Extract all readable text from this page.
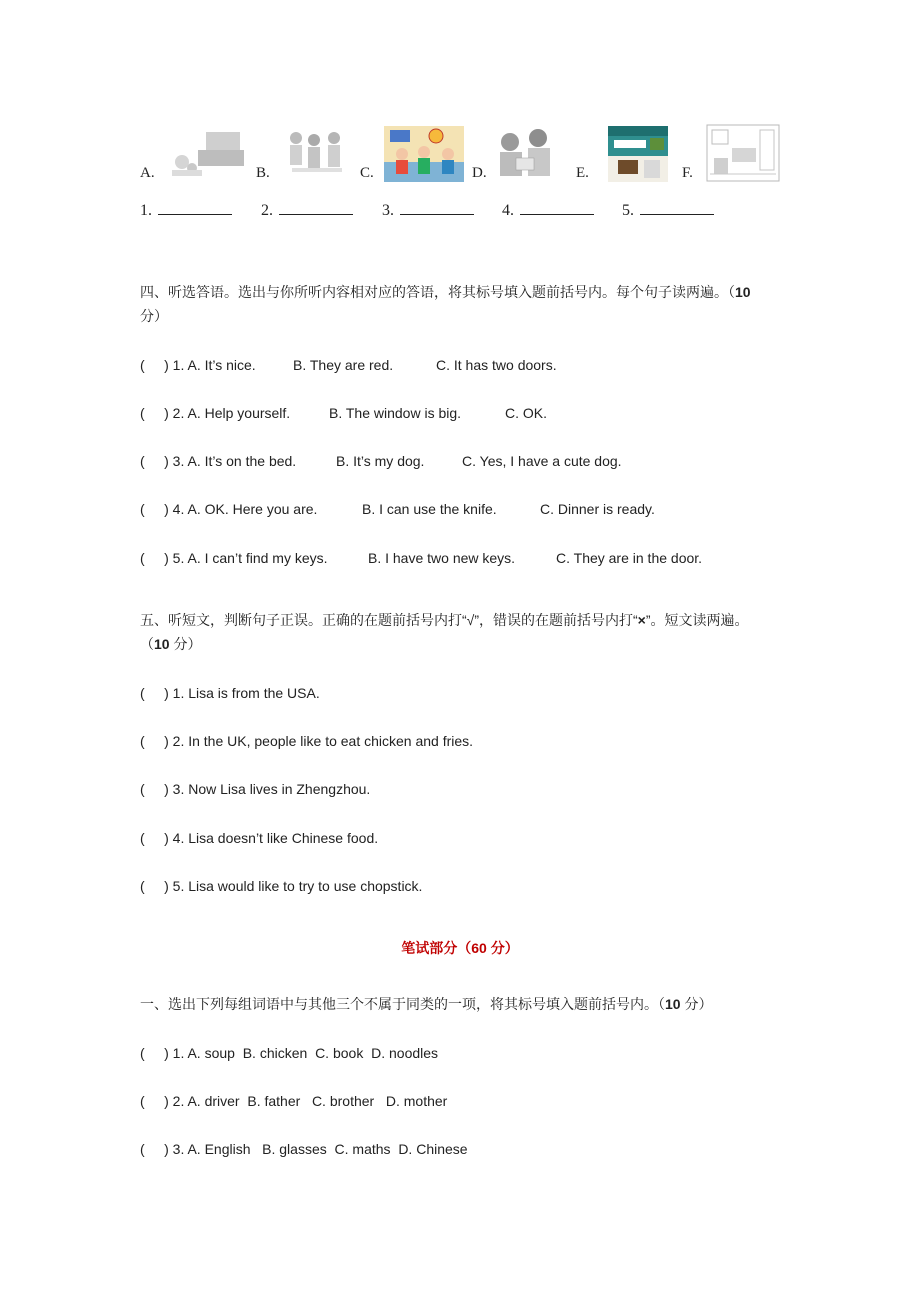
A.	B.	C.	D.	E.	F.
1.	2.	3.	4.	5.
四、听选答语。选出与你所听内容相对应的答语，将其标号填入题前括号内。每个句子读两遍。（10
分）
(     ) 1. A. It’s nice.	B. They are red.	C. It has two doors.
(     ) 2. A. Help yourself.	B. The window is big.	C. OK.
(     ) 3. A. It’s on the bed.	B. It’s my dog.	C. Yes, I have a cute dog.
(     ) 4. A. OK. Here you are.	B. I can use the knife.	C. Dinner is ready.
(     ) 5. A. I can’t find my keys.	B. I have two new keys.	C. They are in the door.
五、听短文，判断句子正误。正确的在题前括号内打“√”，错误的在题前括号内打“×”。短文读两遍。
（10 分）
(     ) 1. Lisa is from the USA.
(     ) 2. In the UK, people like to eat chicken and fries.
(     ) 3. Now Lisa lives in Zhengzhou.
(     ) 4. Lisa doesn’t like Chinese food.
(     ) 5. Lisa would like to try to use chopstick.
笔试部分（60 分）
一、选出下列每组词语中与其他三个不属于同类的一项，将其标号填入题前括号内。（10 分）
(     ) 1. A. soup  B. chicken  C. book  D. noodles
(     ) 2. A. driver  B. father   C. brother   D. mother
(     ) 3. A. English   B. glasses  C. maths  D. Chinese
